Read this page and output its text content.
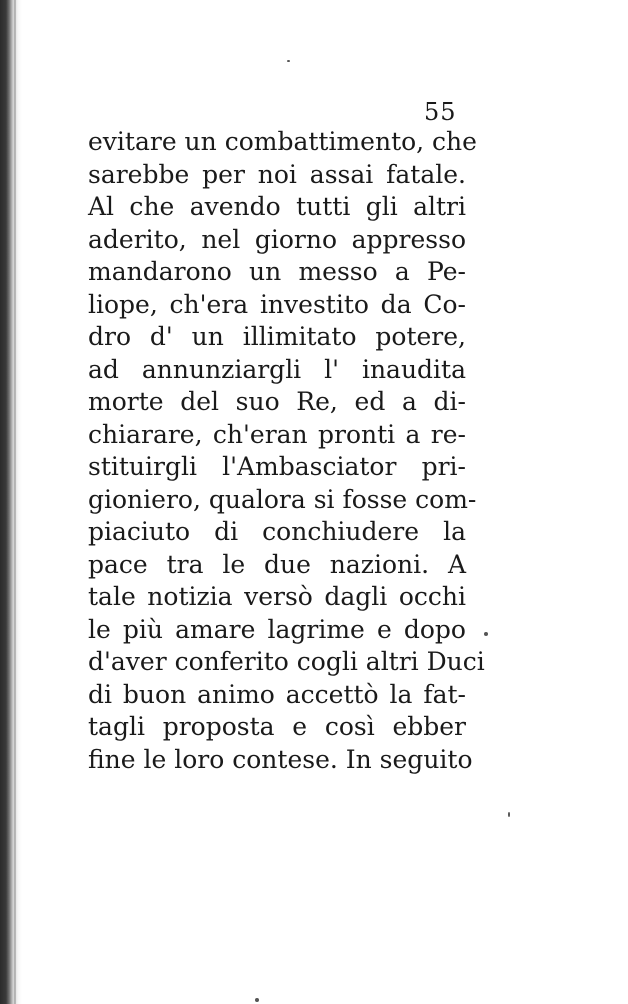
55
evitare un combattimento, che
sarebbe per noi assai fatale.
Al che avendo tutti gli altri
aderito, nel giorno appresso
mandarono un messo a Pe-
liope, ch'era investito da Co-
dro d' un illimitato potere,
ad annunziargli l' inaudita
morte del suo Re, ed a di-
chiarare, ch'eran pronti a re-
stituirgli l'Ambasciator pri-
gioniero, qualora si fosse com-
piaciuto di conchiudere la
pace tra le due nazioni. A
tale notizia versò dagli occhi
le più amare lagrime e dopo
d'aver conferito cogli altri Duci
di buon animo accettò la fat-
tagli proposta e così ebber
fine le loro contese. In seguito
